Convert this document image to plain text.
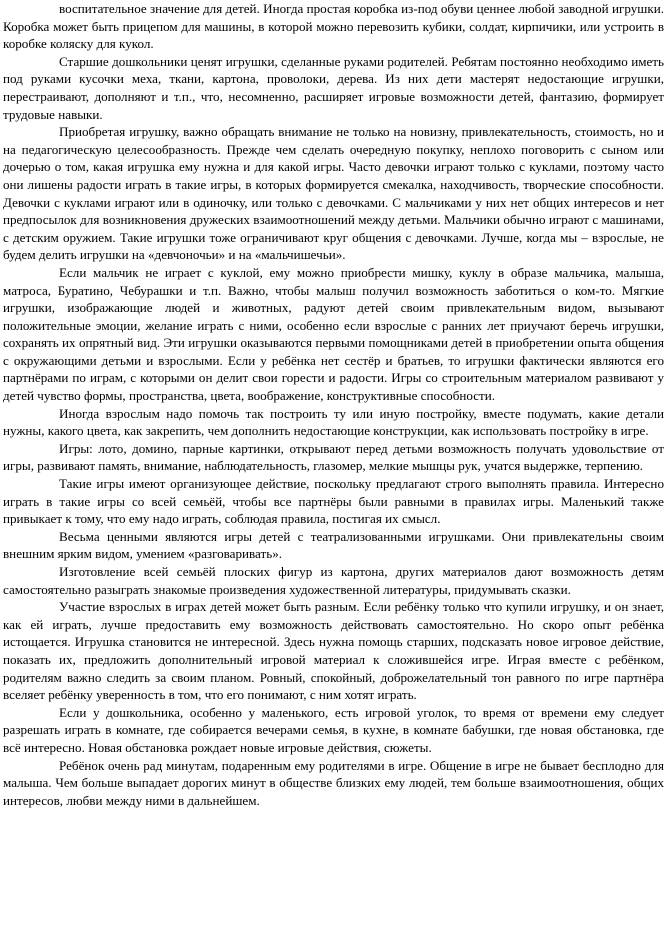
воспитательное значение для детей. Иногда простая коробка из-под обуви ценнее любой заводной игрушки. Коробка может быть прицепом для машины, в которой можно перевозить кубики, солдат, кирпичики, или устроить в коробке коляску для кукол.

Старшие дошкольники ценят игрушки, сделанные руками родителей. Ребятам постоянно необходимо иметь под руками кусочки меха, ткани, картона, проволоки, дерева. Из них дети мастерят недостающие игрушки, перестраивают, дополняют и т.п., что, несомненно, расширяет игровые возможности детей, фантазию, формирует трудовые навыки.

Приобретая игрушку, важно обращать внимание не только на новизну, привлекательность, стоимость, но и на педагогическую целесообразность. Прежде чем сделать очередную покупку, неплохо поговорить с сыном или дочерью о том, какая игрушка ему нужна и для какой игры. Часто девочки играют только с куклами, поэтому часто они лишены радости играть в такие игры, в которых формируется смекалка, находчивость, творческие способности. Девочки с куклами играют или в одиночку, или только с девочками. С мальчиками у них нет общих интересов и нет предпосылок для возникновения дружеских взаимоотношений между детьми. Мальчики обычно играют с машинами, с детским оружием. Такие игрушки тоже ограничивают круг общения с девочками. Лучше, когда мы – взрослые, не будем делить игрушки на «девчоночьи» и на «мальчишечьи».

Если мальчик не играет с куклой, ему можно приобрести мишку, куклу в образе мальчика, малыша, матроса, Буратино, Чебурашки и т.п. Важно, чтобы малыш получил возможность заботиться о ком-то. Мягкие игрушки, изображающие людей и животных, радуют детей своим привлекательным видом, вызывают положительные эмоции, желание играть с ними, особенно если взрослые с ранних лет приучают беречь игрушки, сохранять их опрятный вид. Эти игрушки оказываются первыми помощниками детей в приобретении опыта общения с окружающими детьми и взрослыми. Если у ребёнка нет сестёр и братьев, то игрушки фактически являются его партнёрами по играм, с которыми он делит свои горести и радости. Игры со строительным материалом развивают у детей чувство формы, пространства, цвета, воображение, конструктивные способности.

Иногда взрослым надо помочь так построить ту или иную постройку, вместе подумать, какие детали нужны, какого цвета, как закрепить, чем дополнить недостающие конструкции, как использовать постройку в игре.

Игры: лото, домино, парные картинки, открывают перед детьми возможность получать удовольствие от игры, развивают память, внимание, наблюдательность, глазомер, мелкие мышцы рук, учатся выдержке, терпению.

Такие игры имеют организующее действие, поскольку предлагают строго выполнять правила. Интересно играть в такие игры со всей семьёй, чтобы все партнёры были равными в правилах игры. Маленький также привыкает к тому, что ему надо играть, соблюдая правила, постигая их смысл.

Весьма ценными являются игры детей с театрализованными игрушками. Они привлекательны своим внешним ярким видом, умением «разговаривать».

Изготовление всей семьёй плоских фигур из картона, других материалов дают возможность детям самостоятельно разыграть знакомые произведения художественной литературы, придумывать сказки.

Участие взрослых в играх детей может быть разным. Если ребёнку только что купили игрушку, и он знает, как ей играть, лучше предоставить ему возможность действовать самостоятельно. Но скоро опыт ребёнка истощается. Игрушка становится не интересной. Здесь нужна помощь старших, подсказать новое игровое действие, показать их, предложить дополнительный игровой материал к сложившейся игре. Играя вместе с ребёнком, родителям важно следить за своим планом. Ровный, спокойный, доброжелательный тон равного по игре партнёра вселяет ребёнку уверенность в том, что его понимают, с ним хотят играть.

Если у дошкольника, особенно у маленького, есть игровой уголок, то время от времени ему следует разрешать играть в комнате, где собирается вечерами семья, в кухне, в комнате бабушки, где новая обстановка, где всё интересно. Новая обстановка рождает новые игровые действия, сюжеты.

Ребёнок очень рад минутам, подаренным ему родителями в игре. Общение в игре не бывает бесплодно для малыша. Чем больше выпадает дорогих минут в обществе близких ему людей, тем больше взаимоотношения, общих интересов, любви между ними в дальнейшем.
